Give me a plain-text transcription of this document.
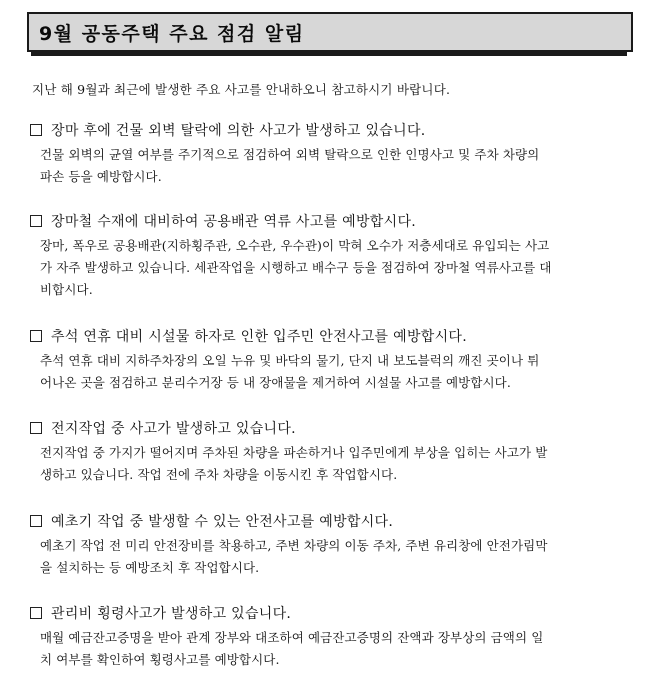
9월 공동주택 주요 점검 알림
지난 해 9월과 최근에 발생한 주요 사고를 안내하오니 참고하시기 바랍니다.
장마 후에 건물 외벽 탈락에 의한 사고가 발생하고 있습니다.
건물 외벽의 균열 여부를 주기적으로 점검하여 외벽 탈락으로 인한 인명사고 및 주차 차량의
파손 등을 예방합시다.
장마철 수재에 대비하여 공용배관 역류 사고를 예방합시다.
장마, 폭우로 공용배관(지하횡주관, 오수관, 우수관)이 막혀 오수가 저층세대로 유입되는 사고
가 자주 발생하고 있습니다. 세관작업을 시행하고 배수구 등을 점검하여 장마철 역류사고를 대
비합시다.
추석 연휴 대비 시설물 하자로 인한 입주민 안전사고를 예방합시다.
추석 연휴 대비 지하주차장의 오일 누유 및 바닥의 물기, 단지 내 보도블럭의 깨진 곳이나 튀
어나온 곳을 점검하고 분리수거장 등 내 장애물을 제거하여 시설물 사고를 예방합시다.
전지작업 중 사고가 발생하고 있습니다.
전지작업 중 가지가 떨어지며 주차된 차량을 파손하거나 입주민에게 부상을 입히는 사고가 발
생하고 있습니다. 작업 전에 주차 차량을 이동시킨 후 작업합시다.
예초기 작업 중 발생할 수 있는 안전사고를 예방합시다.
예초기 작업 전 미리 안전장비를 착용하고, 주변 차량의 이동 주차, 주변 유리창에 안전가림막
을 설치하는 등 예방조치 후 작업합시다.
관리비 횡령사고가 발생하고 있습니다.
매월 예금잔고증명을 받아 관계 장부와 대조하여 예금잔고증명의 잔액과 장부상의 금액의 일
치 여부를 확인하여 횡령사고를 예방합시다.
